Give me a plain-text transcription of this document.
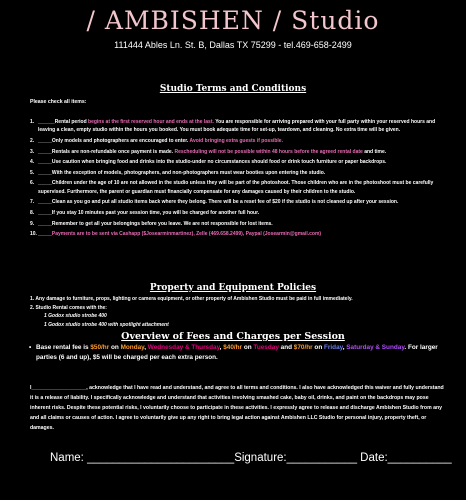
/ AMBISHEN / Studio
111444 Ables Ln. St. B, Dallas TX 75299 - tel.469-658-2499
Studio Terms and Conditions
Please check all items:
1. ______Rental period begins at the first reserved hour and ends at the last. You are responsible for arriving prepared with your full party within your reserved hours and leaving a clean, empty studio within the hours you booked. You must book adequate time for set-up, teardown, and cleaning. No extra time will be given.
2. _____Only models and photographers are encouraged to enter. Avoid bringing extra guests if possible.
3. _____Rentals are non-refundable once payment is made. Rescheduling will not be possible within 48 hours before the agreed rental date and time.
4. _____Use caution when bringing food and drinks into the studio-under no circumstances should food or drink touch furniture or paper backdrops.
5. _____With the exception of models, photographers, and non-photographers must wear booties upon entering the studio.
6. _____Children under the age of 10 are not allowed in the studio unless they will be part of the photoshoot. Those children who are in the photoshoot must be carefully supervised. Furthermore, the parent or guardian must financially compensate for any damages caused by their children to the studio.
7. _____Clean as you go and put all studio items back where they belong. There will be a reset fee of $20 if the studio is not cleaned up after your session.
8. _____If you stay 10 minutes past your session time, you will be charged for another full hour.
9. _____Remember to get all your belongings before you leave. We are not responsible for lost items.
10. _____Payments are to be sent via Cashapp ($Josearminmartinez), Zelle (469.658.2499), Paypal (Josearmin@gmail.com)
Property and Equipment Policies
1. Any damage to furniture, props, lighting or camera equipment, or other property of Ambishen Studio must be paid in full immediately.
2. Studio Rental comes with the:
1 Godox studio strobe 400
1 Godox studio strobe 400 with spotlight attachment
Overview of Fees and Charges per Session
• Base rental fee is $50/hr on Monday, Wednesday & Thursday, $40/hr on Tuesday and $70/hr on Friday, Saturday & Sunday. For larger parties (6 and up), $5 will be charged per each extra person.
I___________________, acknowledge that I have read and understand, and agree to all terms and conditions. I also have acknowledged this waiver and fully understand it is a release of liability. I specifically acknowledge and understand that activities involving smashed cake, baby oil, drinks, and paint on the backdrops may pose inherent risks. Despite these potential risks, I voluntarily choose to participate in these activities. I expressly agree to release and discharge Ambishen Studio from any and all claims or causes of action. I agree to voluntarily give up any right to bring legal action against Ambishen LLC Studio for personal injury, property theft, or damages.
Name: _______________________Signature:___________ Date:__________
